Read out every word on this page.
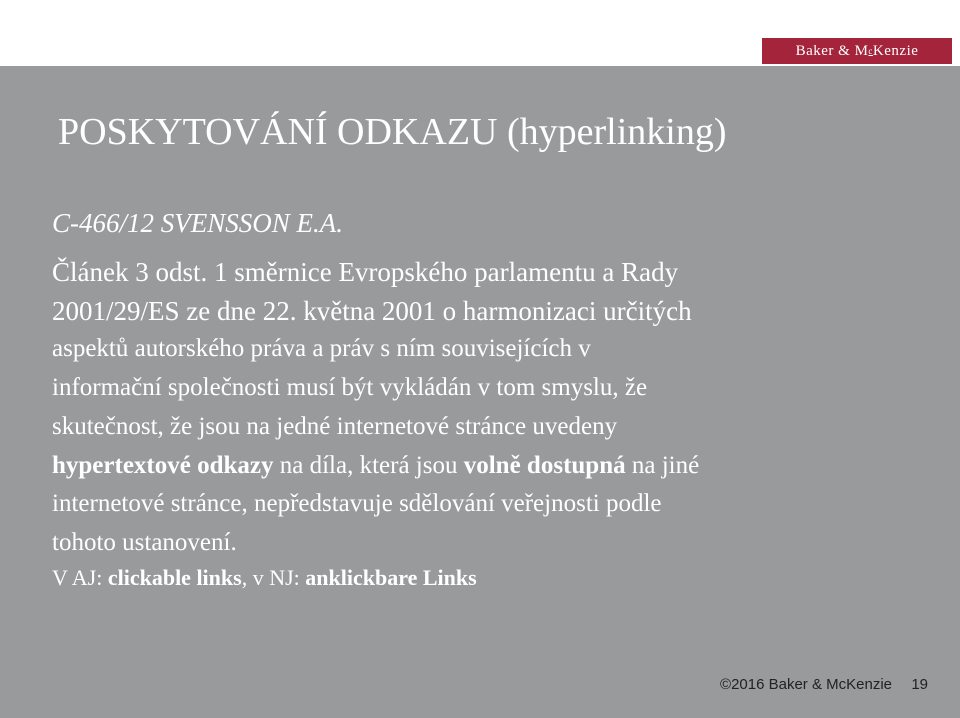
Baker & M c Kenzie
POSKYTOVÁNÍ ODKAZU (hyperlinking)
C-466/12 SVENSSON E.A.
Článek 3 odst. 1 směrnice Evropského parlamentu a Rady
2001/29/ES ze dne 22. května 2001 o harmonizaci určitých
aspektů autorského práva a práv s ním souvisejících v
informační společnosti musí být vykládán v tom smyslu, že
skutečnost, že jsou na jedné internetové stránce uvedeny
hypertextové odkazy na díla, která jsou volně dostupná na jiné
internetové stránce, nepředstavuje sdělování veřejnosti podle
tohoto ustanovení.
V AJ: clickable links, v NJ: anklickbare Links
©2016 Baker & McKenzie 19
